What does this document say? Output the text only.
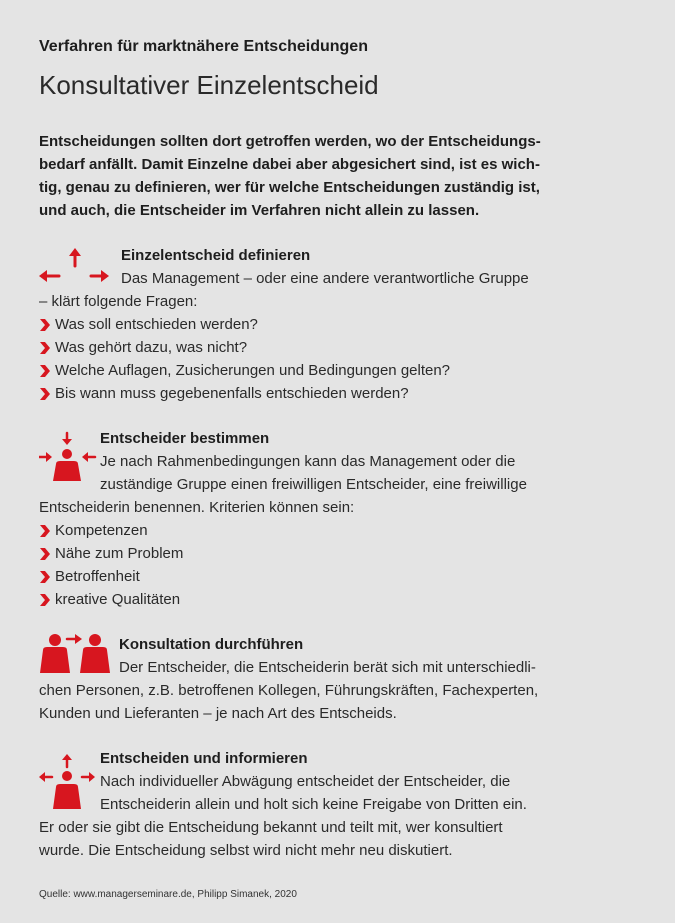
Verfahren für marktnähere Entscheidungen
Konsultativer Einzelentscheid
Entscheidungen sollten dort getroffen werden, wo der Entscheidungs-
bedarf anfällt. Damit Einzelne dabei aber abgesichert sind, ist es wich-
tig, genau zu definieren, wer für welche Entscheidungen zuständig ist,
und auch, die Entscheider im Verfahren nicht allein zu lassen.
Einzelentscheid definieren
Das Management – oder eine andere verantwortliche Gruppe
– klärt folgende Fragen:
Was soll entschieden werden?
Was gehört dazu, was nicht?
Welche Auflagen, Zusicherungen und Bedingungen gelten?
Bis wann muss gegebenenfalls entschieden werden?
Entscheider bestimmen
Je nach Rahmenbedingungen kann das Management oder die
zuständige Gruppe einen freiwilligen Entscheider, eine freiwillige
Entscheiderin benennen. Kriterien können sein:
Kompetenzen
Nähe zum Problem
Betroffenheit
kreative Qualitäten
Konsultation durchführen
Der Entscheider, die Entscheiderin berät sich mit unterschiedli-
chen Personen, z.B. betroffenen Kollegen, Führungskräften, Fachexperten,
Kunden und Lieferanten – je nach Art des Entscheids.
Entscheiden und informieren
Nach individueller Abwägung entscheidet der Entscheider, die
Entscheiderin allein und holt sich keine Freigabe von Dritten ein.
Er oder sie gibt die Entscheidung bekannt und teilt mit, wer konsultiert
wurde. Die Entscheidung selbst wird nicht mehr neu diskutiert.
Quelle: www.managerseminare.de, Philipp Simanek, 2020
